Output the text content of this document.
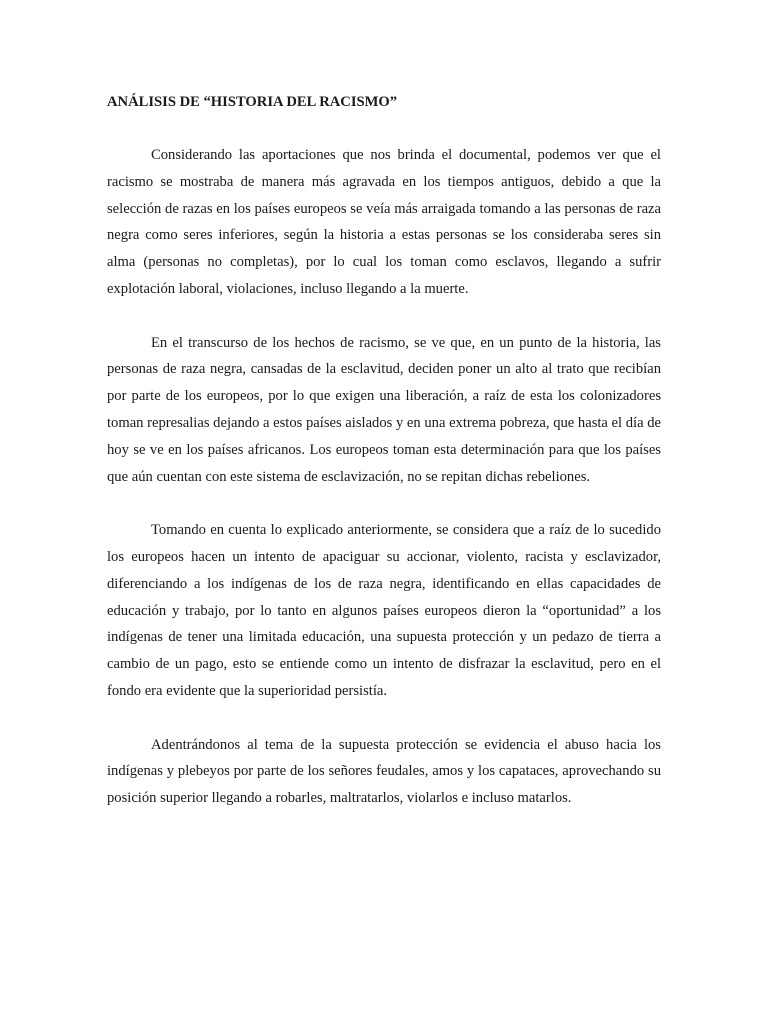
ANÁLISIS DE “HISTORIA DEL RACISMO”

Considerando las aportaciones que nos brinda el documental, podemos ver que el racismo se mostraba de manera más agravada en los tiempos antiguos, debido a que la selección de razas en los países europeos se veía más arraigada tomando a las personas de raza negra como seres inferiores, según la historia a estas personas se los consideraba seres sin alma (personas no completas), por lo cual los toman como esclavos, llegando a sufrir explotación laboral, violaciones, incluso llegando a la muerte.

En el transcurso de los hechos de racismo, se ve que, en un punto de la historia, las personas de raza negra, cansadas de la esclavitud, deciden poner un alto al trato que recibían por parte de los europeos, por lo que exigen una liberación, a raíz de esta los colonizadores toman represalias dejando a estos países aislados y en una extrema pobreza, que hasta el día de hoy se ve en los países africanos. Los europeos toman esta determinación para que los países que aún cuentan con este sistema de esclavización, no se repitan dichas rebeliones.

Tomando en cuenta lo explicado anteriormente, se considera que a raíz de lo sucedido los europeos hacen un intento de apaciguar su accionar, violento, racista y esclavizador, diferenciando a los indígenas de los de raza negra, identificando en ellas capacidades de educación y trabajo, por lo tanto en algunos países europeos dieron la “oportunidad” a los indígenas de tener una limitada educación, una supuesta protección y un pedazo de tierra a cambio de un pago, esto se entiende como un intento de disfrazar la esclavitud, pero en el fondo era evidente que la superioridad persistía.

Adentrándonos al tema de la supuesta protección se evidencia el abuso hacia los indígenas y plebeyos por parte de los señores feudales, amos y los capataces, aprovechando su posición superior llegando a robarles, maltratarlos, violarlos e incluso matarlos.
